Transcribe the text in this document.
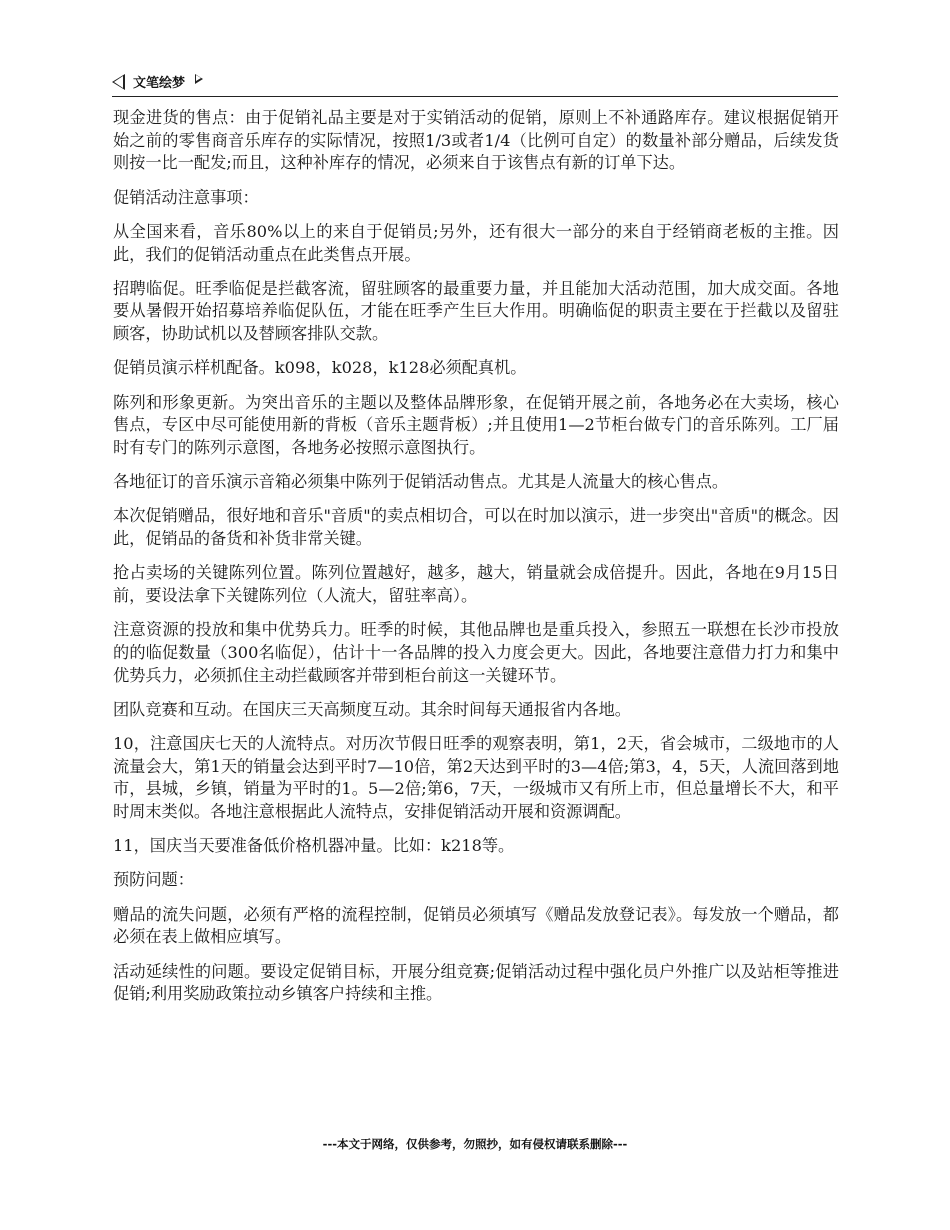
文笔绘梦

现金进货的售点：由于促销礼品主要是对于实销活动的促销，原则上不补通路库存。建议根据促销开始之前的零售商音乐库存的实际情况，按照1/3或者1/4（比例可自定）的数量补部分赠品，后续发货则按一比一配发;而且，这种补库存的情况，必须来自于该售点有新的订单下达。

促销活动注意事项：

从全国来看，音乐80%以上的来自于促销员;另外，还有很大一部分的来自于经销商老板的主推。因此，我们的促销活动重点在此类售点开展。

招聘临促。旺季临促是拦截客流，留驻顾客的最重要力量，并且能加大活动范围，加大成交面。各地要从暑假开始招募培养临促队伍，才能在旺季产生巨大作用。明确临促的职责主要在于拦截以及留驻顾客，协助试机以及替顾客排队交款。

促销员演示样机配备。k098，k028，k128必须配真机。

陈列和形象更新。为突出音乐的主题以及整体品牌形象，在促销开展之前，各地务必在大卖场，核心售点，专区中尽可能使用新的背板（音乐主题背板）;并且使用1—2节柜台做专门的音乐陈列。工厂届时有专门的陈列示意图，各地务必按照示意图执行。

各地征订的音乐演示音箱必须集中陈列于促销活动售点。尤其是人流量大的核心售点。

本次促销赠品，很好地和音乐"音质"的卖点相切合，可以在时加以演示，进一步突出"音质"的概念。因此，促销品的备货和补货非常关键。

抢占卖场的关键陈列位置。陈列位置越好，越多，越大，销量就会成倍提升。因此，各地在9月15日前，要设法拿下关键陈列位（人流大，留驻率高）。

注意资源的投放和集中优势兵力。旺季的时候，其他品牌也是重兵投入，参照五一联想在长沙市投放的的临促数量（300名临促），估计十一各品牌的投入力度会更大。因此，各地要注意借力打力和集中优势兵力，必须抓住主动拦截顾客并带到柜台前这一关键环节。

团队竞赛和互动。在国庆三天高频度互动。其余时间每天通报省内各地。

10，注意国庆七天的人流特点。对历次节假日旺季的观察表明，第1，2天，省会城市，二级地市的人流量会大，第1天的销量会达到平时7—10倍，第2天达到平时的3—4倍;第3，4，5天，人流回落到地市，县城，乡镇，销量为平时的1。5—2倍;第6，7天，一级城市又有所上市，但总量增长不大，和平时周末类似。各地注意根据此人流特点，安排促销活动开展和资源调配。

11，国庆当天要准备低价格机器冲量。比如：k218等。

预防问题：

赠品的流失问题，必须有严格的流程控制，促销员必须填写《赠品发放登记表》。每发放一个赠品，都必须在表上做相应填写。

活动延续性的问题。要设定促销目标，开展分组竞赛;促销活动过程中强化员户外推广以及站柜等推进促销;利用奖励政策拉动乡镇客户持续和主推。

---本文于网络，仅供参考，勿照抄，如有侵权请联系删除---
